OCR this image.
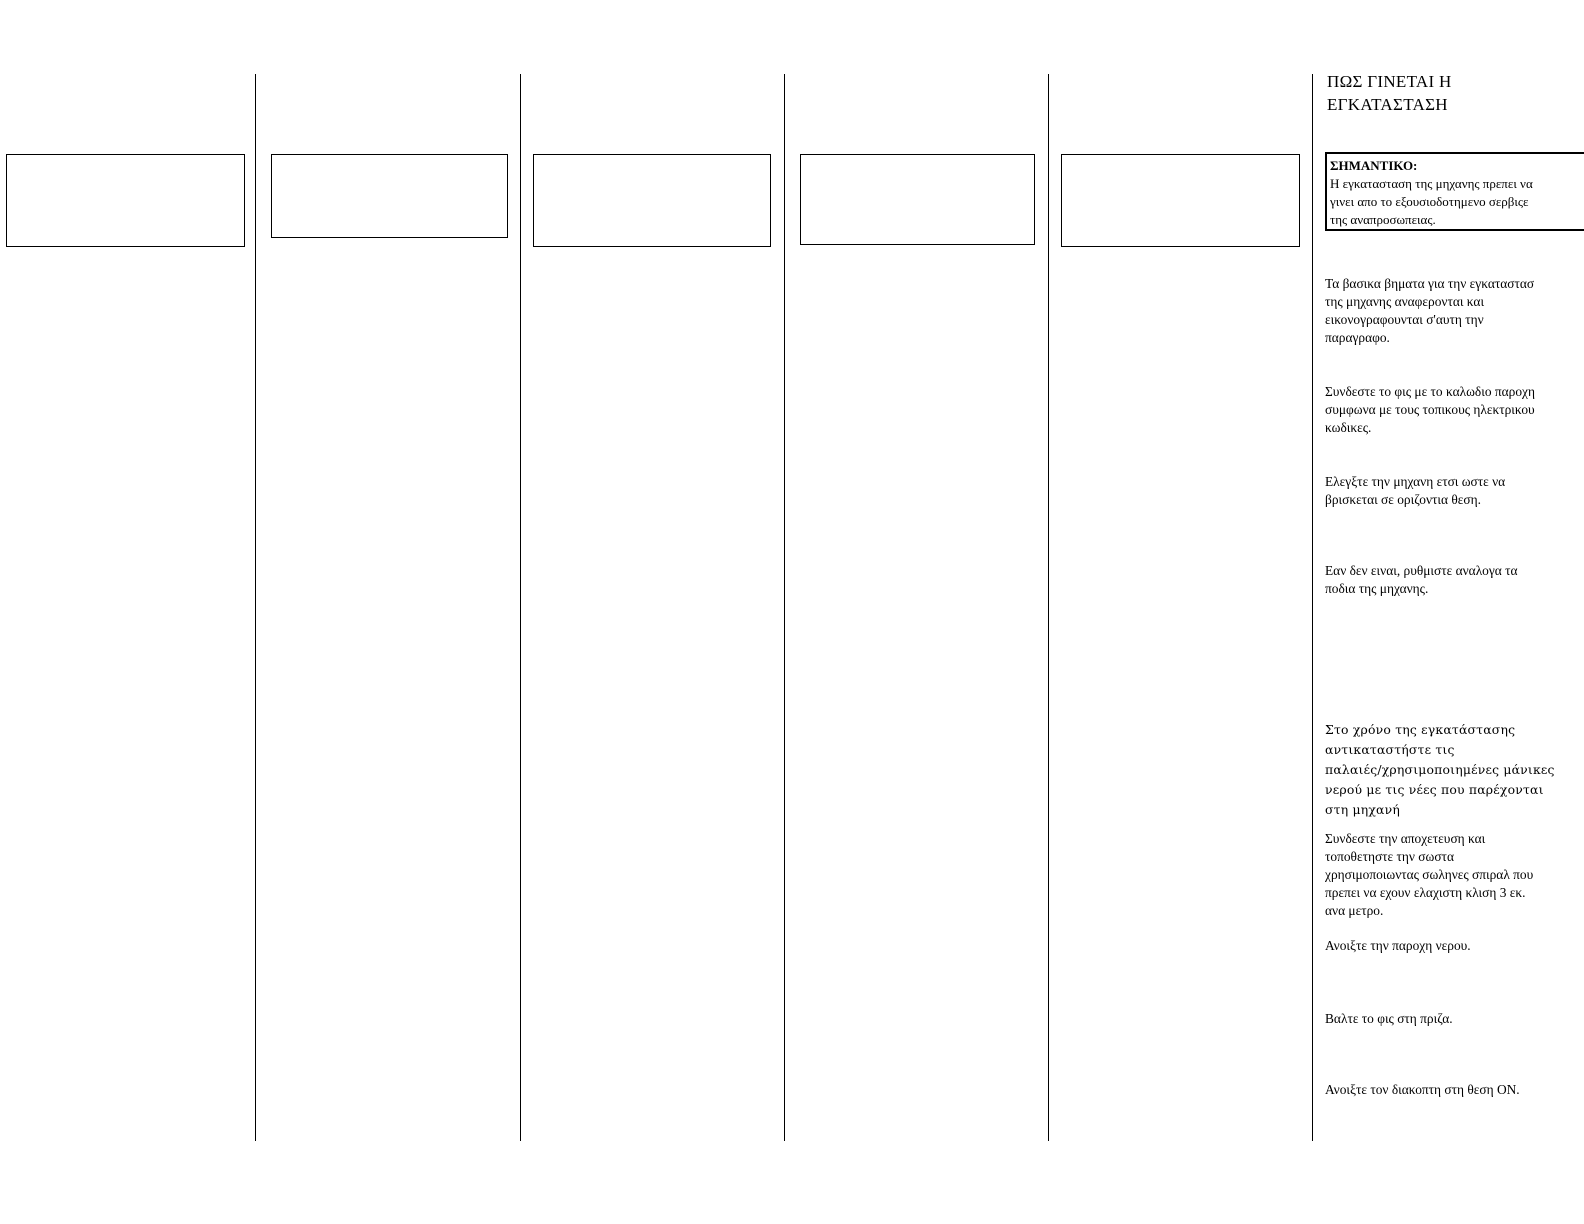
ΠΩΣ ΓΙΝΕΤΑΙ Η
ΕΓΚΑΤΑΣΤΑΣΗ
ΣΗΜΑΝΤΙΚΟ:
Η εγκατασταση της μηχανης πρεπει να
γινει απο το εξουσιοδοτημενο σερβιςε
της αναπροσωπειας.

Τα βασικα βηματα για την εγκαταστασ
της μηχανης αναφερονται και
εικονογραφουνται σ'αυτη την
παραγραφο.

Συνδεστε το φις με το καλωδιο παροχη
συμφωνα με τους τοπικους ηλεκτρικου
κωδικες.

Ελεγξτε την μηχανη ετσι ωστε να
βρισκεται σε οριζοντια θεση.

Εαν δεν ειναι, ρυθμιστε αναλογα τα
ποδια της μηχανης.

Στο χρόνο της εγκατάστασης
αντικαταστήστε τις
παλαιές/χρησιμοποιημένες μάνικες
νερού με τις νέες που παρέχονται
στη μηχανή

Συνδεστε την αποχετευση και
τοποθετηστε την σωστα
χρησιμοποιωντας σωληνες σπιραλ που
πρεπει να εχουν ελαχιστη κλιση 3 εκ.
ανα μετρο.

Ανοιξτε την παροχη νερου.

Βαλτε το φις στη πριζα.

Ανοιξτε τον διακοπτη στη θεση ON.
